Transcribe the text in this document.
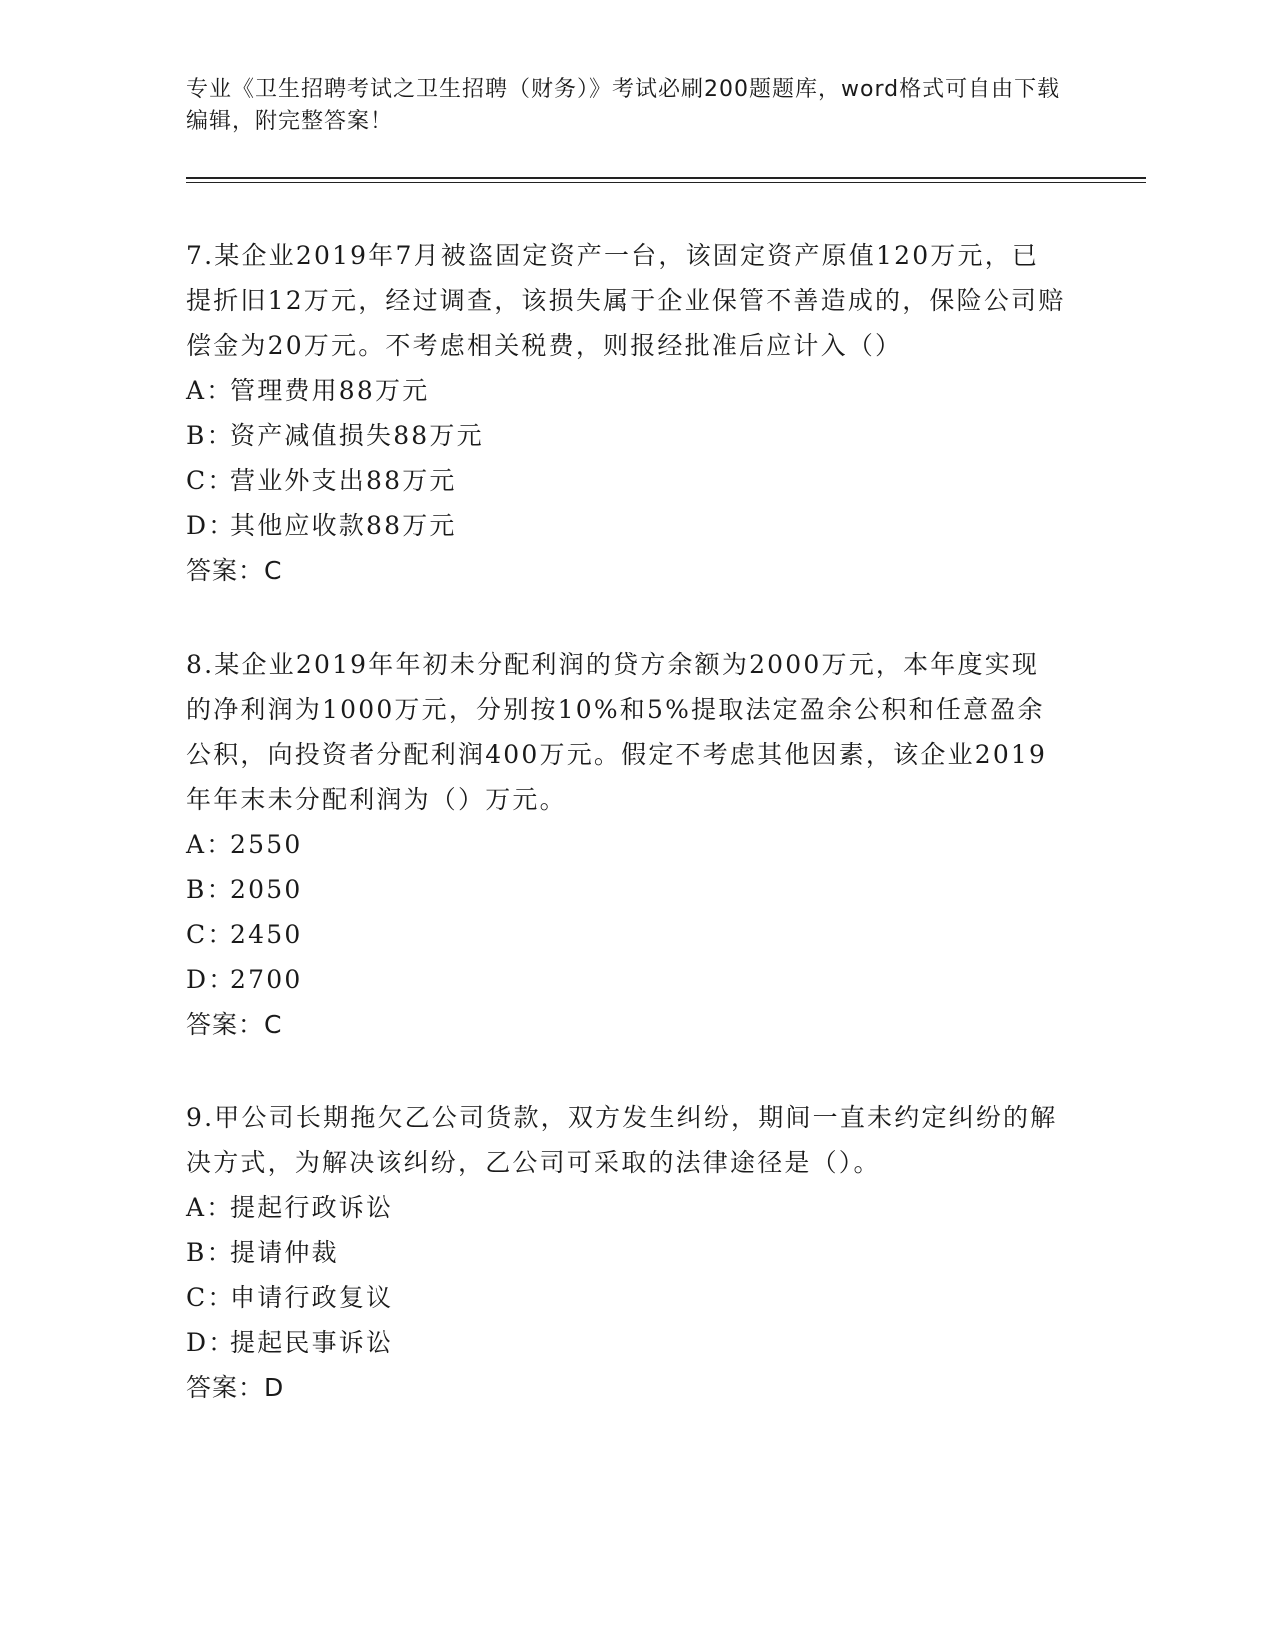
专业《卫生招聘考试之卫生招聘（财务）》考试必刷200题题库，word格式可自由下载编辑，附完整答案！

7.某企业2019年7月被盗固定资产一台，该固定资产原值120万元，已提折旧12万元，经过调查，该损失属于企业保管不善造成的，保险公司赔偿金为20万元。不考虑相关税费，则报经批准后应计入（）

A：管理费用88万元

B：资产减值损失88万元

C：营业外支出88万元

D：其他应收款88万元

答案：C

8.某企业2019年年初未分配利润的贷方余额为2000万元，本年度实现的净利润为1000万元，分别按10%和5%提取法定盈余公积和任意盈余公积，向投资者分配利润400万元。假定不考虑其他因素，该企业2019年年末未分配利润为（）万元。

A：2550

B：2050

C：2450

D：2700

答案：C

9.甲公司长期拖欠乙公司货款，双方发生纠纷，期间一直未约定纠纷的解决方式，为解决该纠纷，乙公司可采取的法律途径是（）。

A：提起行政诉讼

B：提请仲裁

C：申请行政复议

D：提起民事诉讼

答案：D
